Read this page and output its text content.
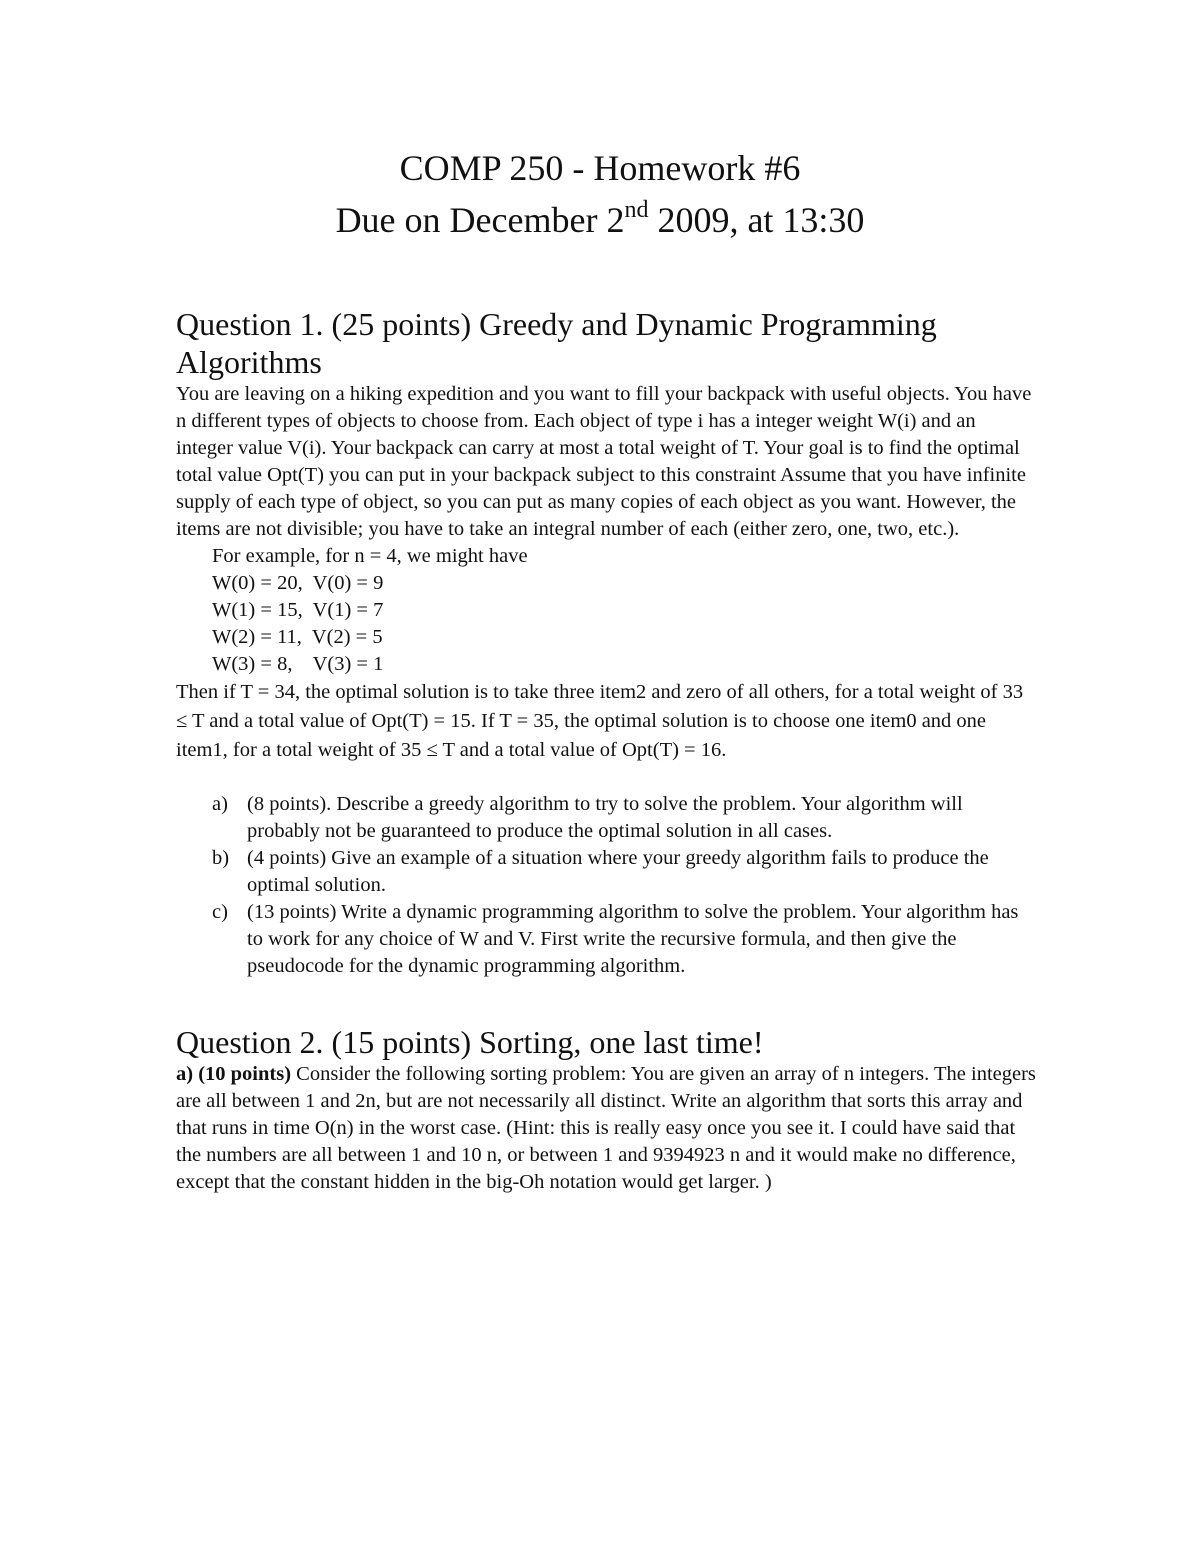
COMP 250 - Homework #6
Due on December 2nd 2009, at 13:30
Question 1. (25 points) Greedy and Dynamic Programming Algorithms

You are leaving on a hiking expedition and you want to fill your backpack with useful objects. You have n different types of objects to choose from. Each object of type i has a integer weight W(i) and an integer value V(i). Your backpack can carry at most a total weight of T. Your goal is to find the optimal total value Opt(T) you can put in your backpack subject to this constraint Assume that you have infinite supply of each type of object, so you can put as many copies of each object as you want. However, the items are not divisible; you have to take an integral number of each (either zero, one, two, etc.).

For example, for n = 4, we might have
W(0) = 20,  V(0) = 9
W(1) = 15,  V(1) = 7
W(2) = 11,  V(2) = 5
W(3) = 8,    V(3) = 1

Then if T = 34, the optimal solution is to take three item2 and zero of all others, for a total weight of 33 ≤ T and a total value of Opt(T) = 15. If T = 35, the optimal solution is to choose one item0 and one item1, for a total weight of 35 ≤ T and a total value of Opt(T) = 16.

a) (8 points). Describe a greedy algorithm to try to solve the problem. Your algorithm will probably not be guaranteed to produce the optimal solution in all cases.
b) (4 points) Give an example of a situation where your greedy algorithm fails to produce the optimal solution.
c) (13 points) Write a dynamic programming algorithm to solve the problem. Your algorithm has to work for any choice of W and V. First write the recursive formula, and then give the pseudocode for the dynamic programming algorithm.
Question 2. (15 points) Sorting, one last time!

a) (10 points) Consider the following sorting problem: You are given an array of n integers. The integers are all between 1 and 2n, but are not necessarily all distinct. Write an algorithm that sorts this array and that runs in time O(n) in the worst case. (Hint: this is really easy once you see it. I could have said that the numbers are all between 1 and 10 n, or between 1 and 9394923 n and it would make no difference, except that the constant hidden in the big-Oh notation would get larger. )
